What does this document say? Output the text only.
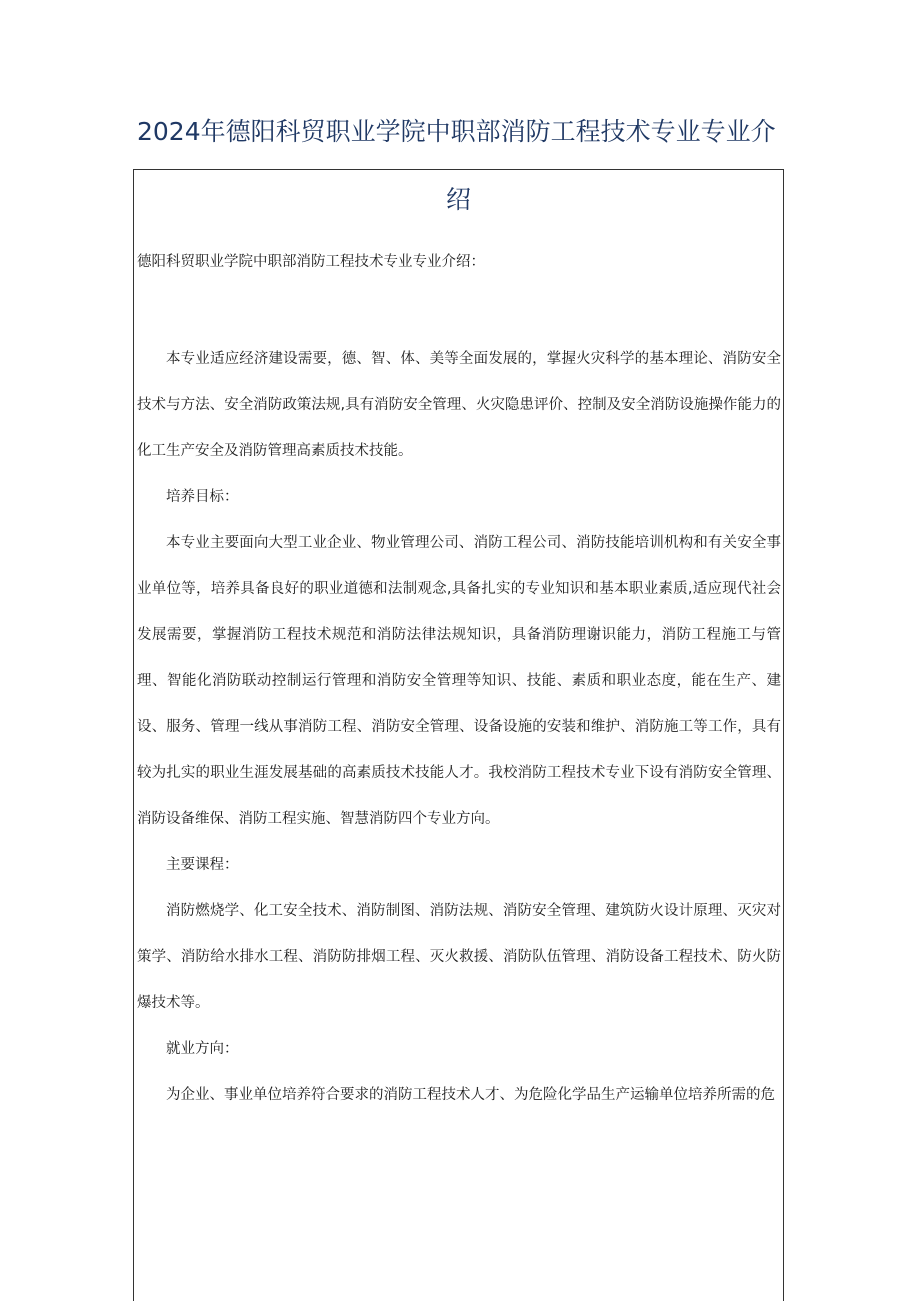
2024年德阳科贸职业学院中职部消防工程技术专业专业介
绍
德阳科贸职业学院中职部消防工程技术专业专业介绍：

本专业适应经济建设需要，德、智、体、美等全面发展的，掌握火灾科学的基本理论、消防安全技术与方法、安全消防政策法规,具有消防安全管理、火灾隐患评价、控制及安全消防设施操作能力的化工生产安全及消防管理高素质技术技能。

培养目标：

本专业主要面向大型工业企业、物业管理公司、消防工程公司、消防技能培训机构和有关安全事业单位等，培养具备良好的职业道德和法制观念,具备扎实的专业知识和基本职业素质,适应现代社会发展需要，掌握消防工程技术规范和消防法律法规知识，具备消防理谢识能力，消防工程施工与管理、智能化消防联动控制运行管理和消防安全管理等知识、技能、素质和职业态度，能在生产、建设、服务、管理一线从事消防工程、消防安全管理、设备设施的安装和维护、消防施工等工作，具有较为扎实的职业生涯发展基础的高素质技术技能人才。我校消防工程技术专业下设有消防安全管理、消防设备维保、消防工程实施、智慧消防四个专业方向。

主要课程：

消防燃烧学、化工安全技术、消防制图、消防法规、消防安全管理、建筑防火设计原理、灭灾对策学、消防给水排水工程、消防防排烟工程、灭火救援、消防队伍管理、消防设备工程技术、防火防爆技术等。

就业方向：

为企业、事业单位培养符合要求的消防工程技术人才、为危险化学品生产运输单位培养所需的危
